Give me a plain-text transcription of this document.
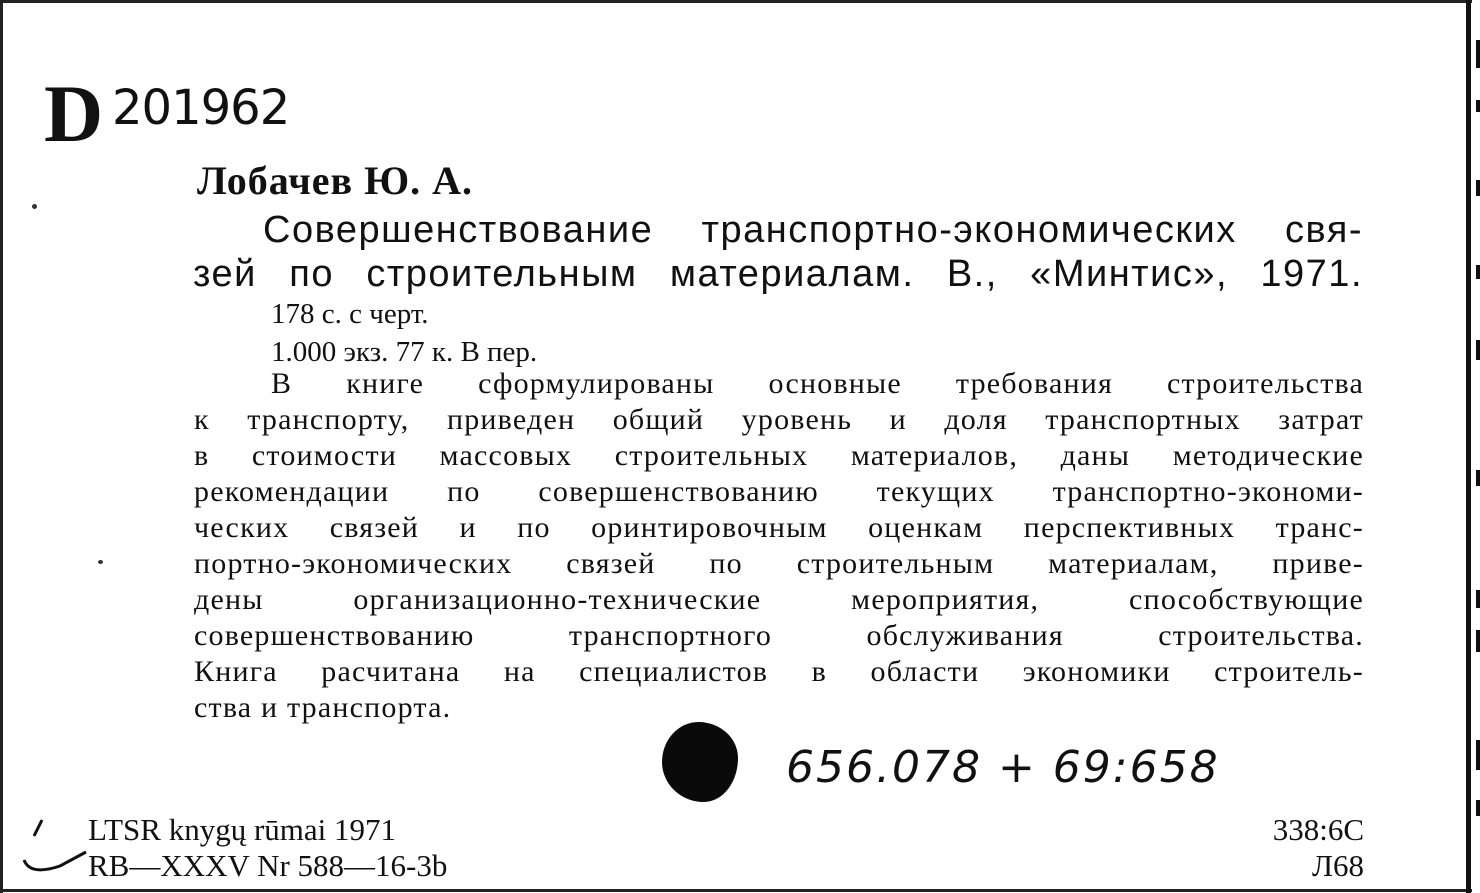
D 201962
Лобачев Ю. А.
Совершенствование транспортно-экономических свя-
зей по строительным материалам. В., «Минтис», 1971.
178 с. с черт.
1.000 экз. 77 к. В пер.
В книге сформулированы основные требования строительства
к транспорту, приведен общий уровень и доля транспортных затрат
в стоимости массовых строительных материалов, даны методические
рекомендации по совершенствованию текущих транспортно-экономи-
ческих связей и по оринтировочным оценкам перспективных транс-
портно-экономических связей по строительным материалам, приве-
дены организационно-технические мероприятия, способствующие
совершенствованию транспортного обслуживания строительства.
Книга расчитана на специалистов в области экономики строитель-
ства и транспорта.
656.078 + 69:658
LTSR knygų rūmai 1971
RB—XXXV Nr 588—16-3b
338:6C
Л68
